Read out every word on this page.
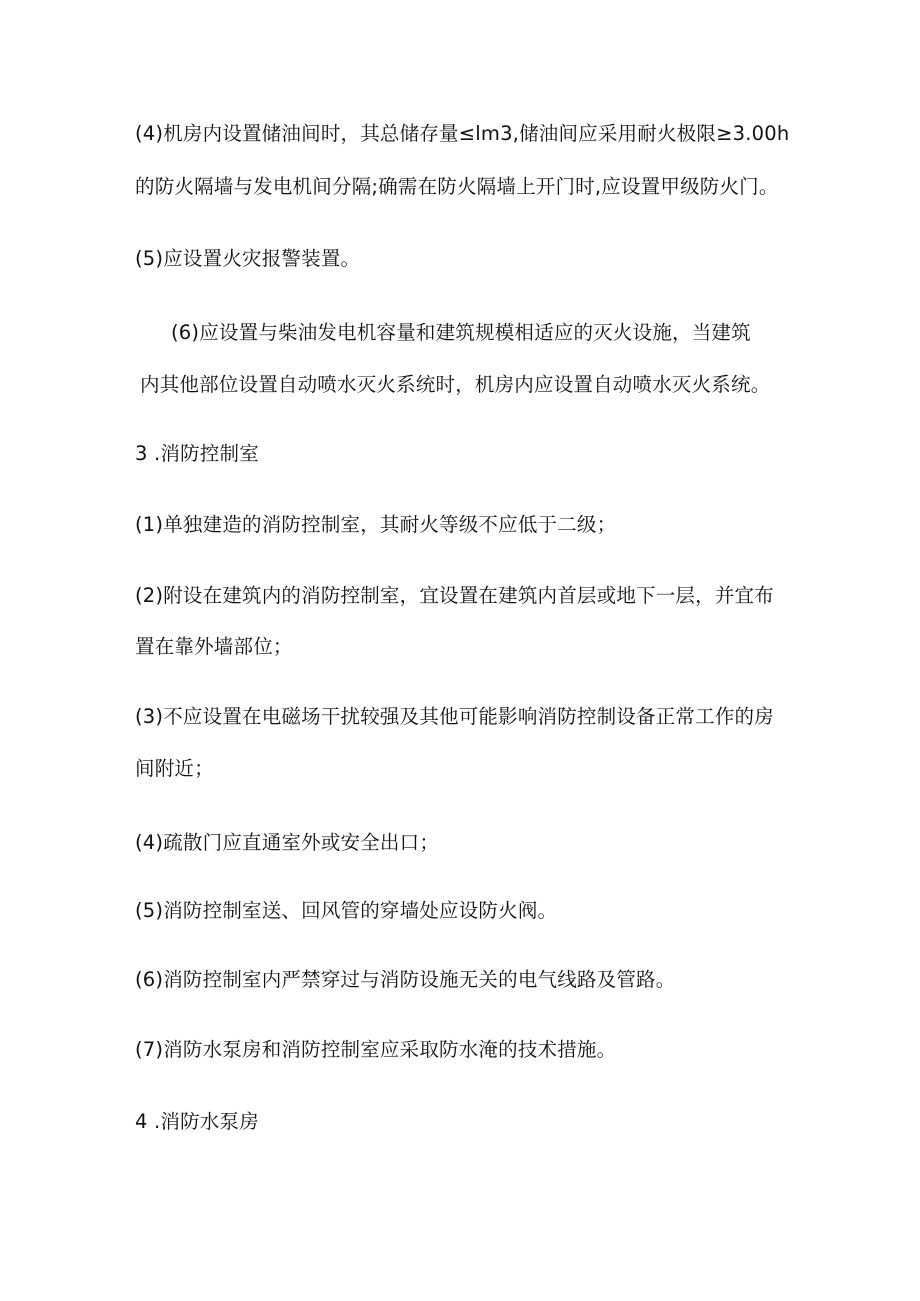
(4)机房内设置储油间时，其总储存量≤lm3,储油间应采用耐火极限≥3.00h
的防火隔墙与发电机间分隔;确需在防火隔墙上开门时,应设置甲级防火门。
(5)应设置火灾报警装置。
(6)应设置与柴油发电机容量和建筑规模相适应的灭火设施，当建筑
内其他部位设置自动喷水灭火系统时，机房内应设置自动喷水灭火系统。
3 .消防控制室
(1)单独建造的消防控制室，其耐火等级不应低于二级；
(2)附设在建筑内的消防控制室，宜设置在建筑内首层或地下一层，并宜布
置在靠外墙部位；
(3)不应设置在电磁场干扰较强及其他可能影响消防控制设备正常工作的房
间附近；
(4)疏散门应直通室外或安全出口；
(5)消防控制室送、回风管的穿墙处应设防火阀。
(6)消防控制室内严禁穿过与消防设施无关的电气线路及管路。
(7)消防水泵房和消防控制室应采取防水淹的技术措施。
4 .消防水泵房
